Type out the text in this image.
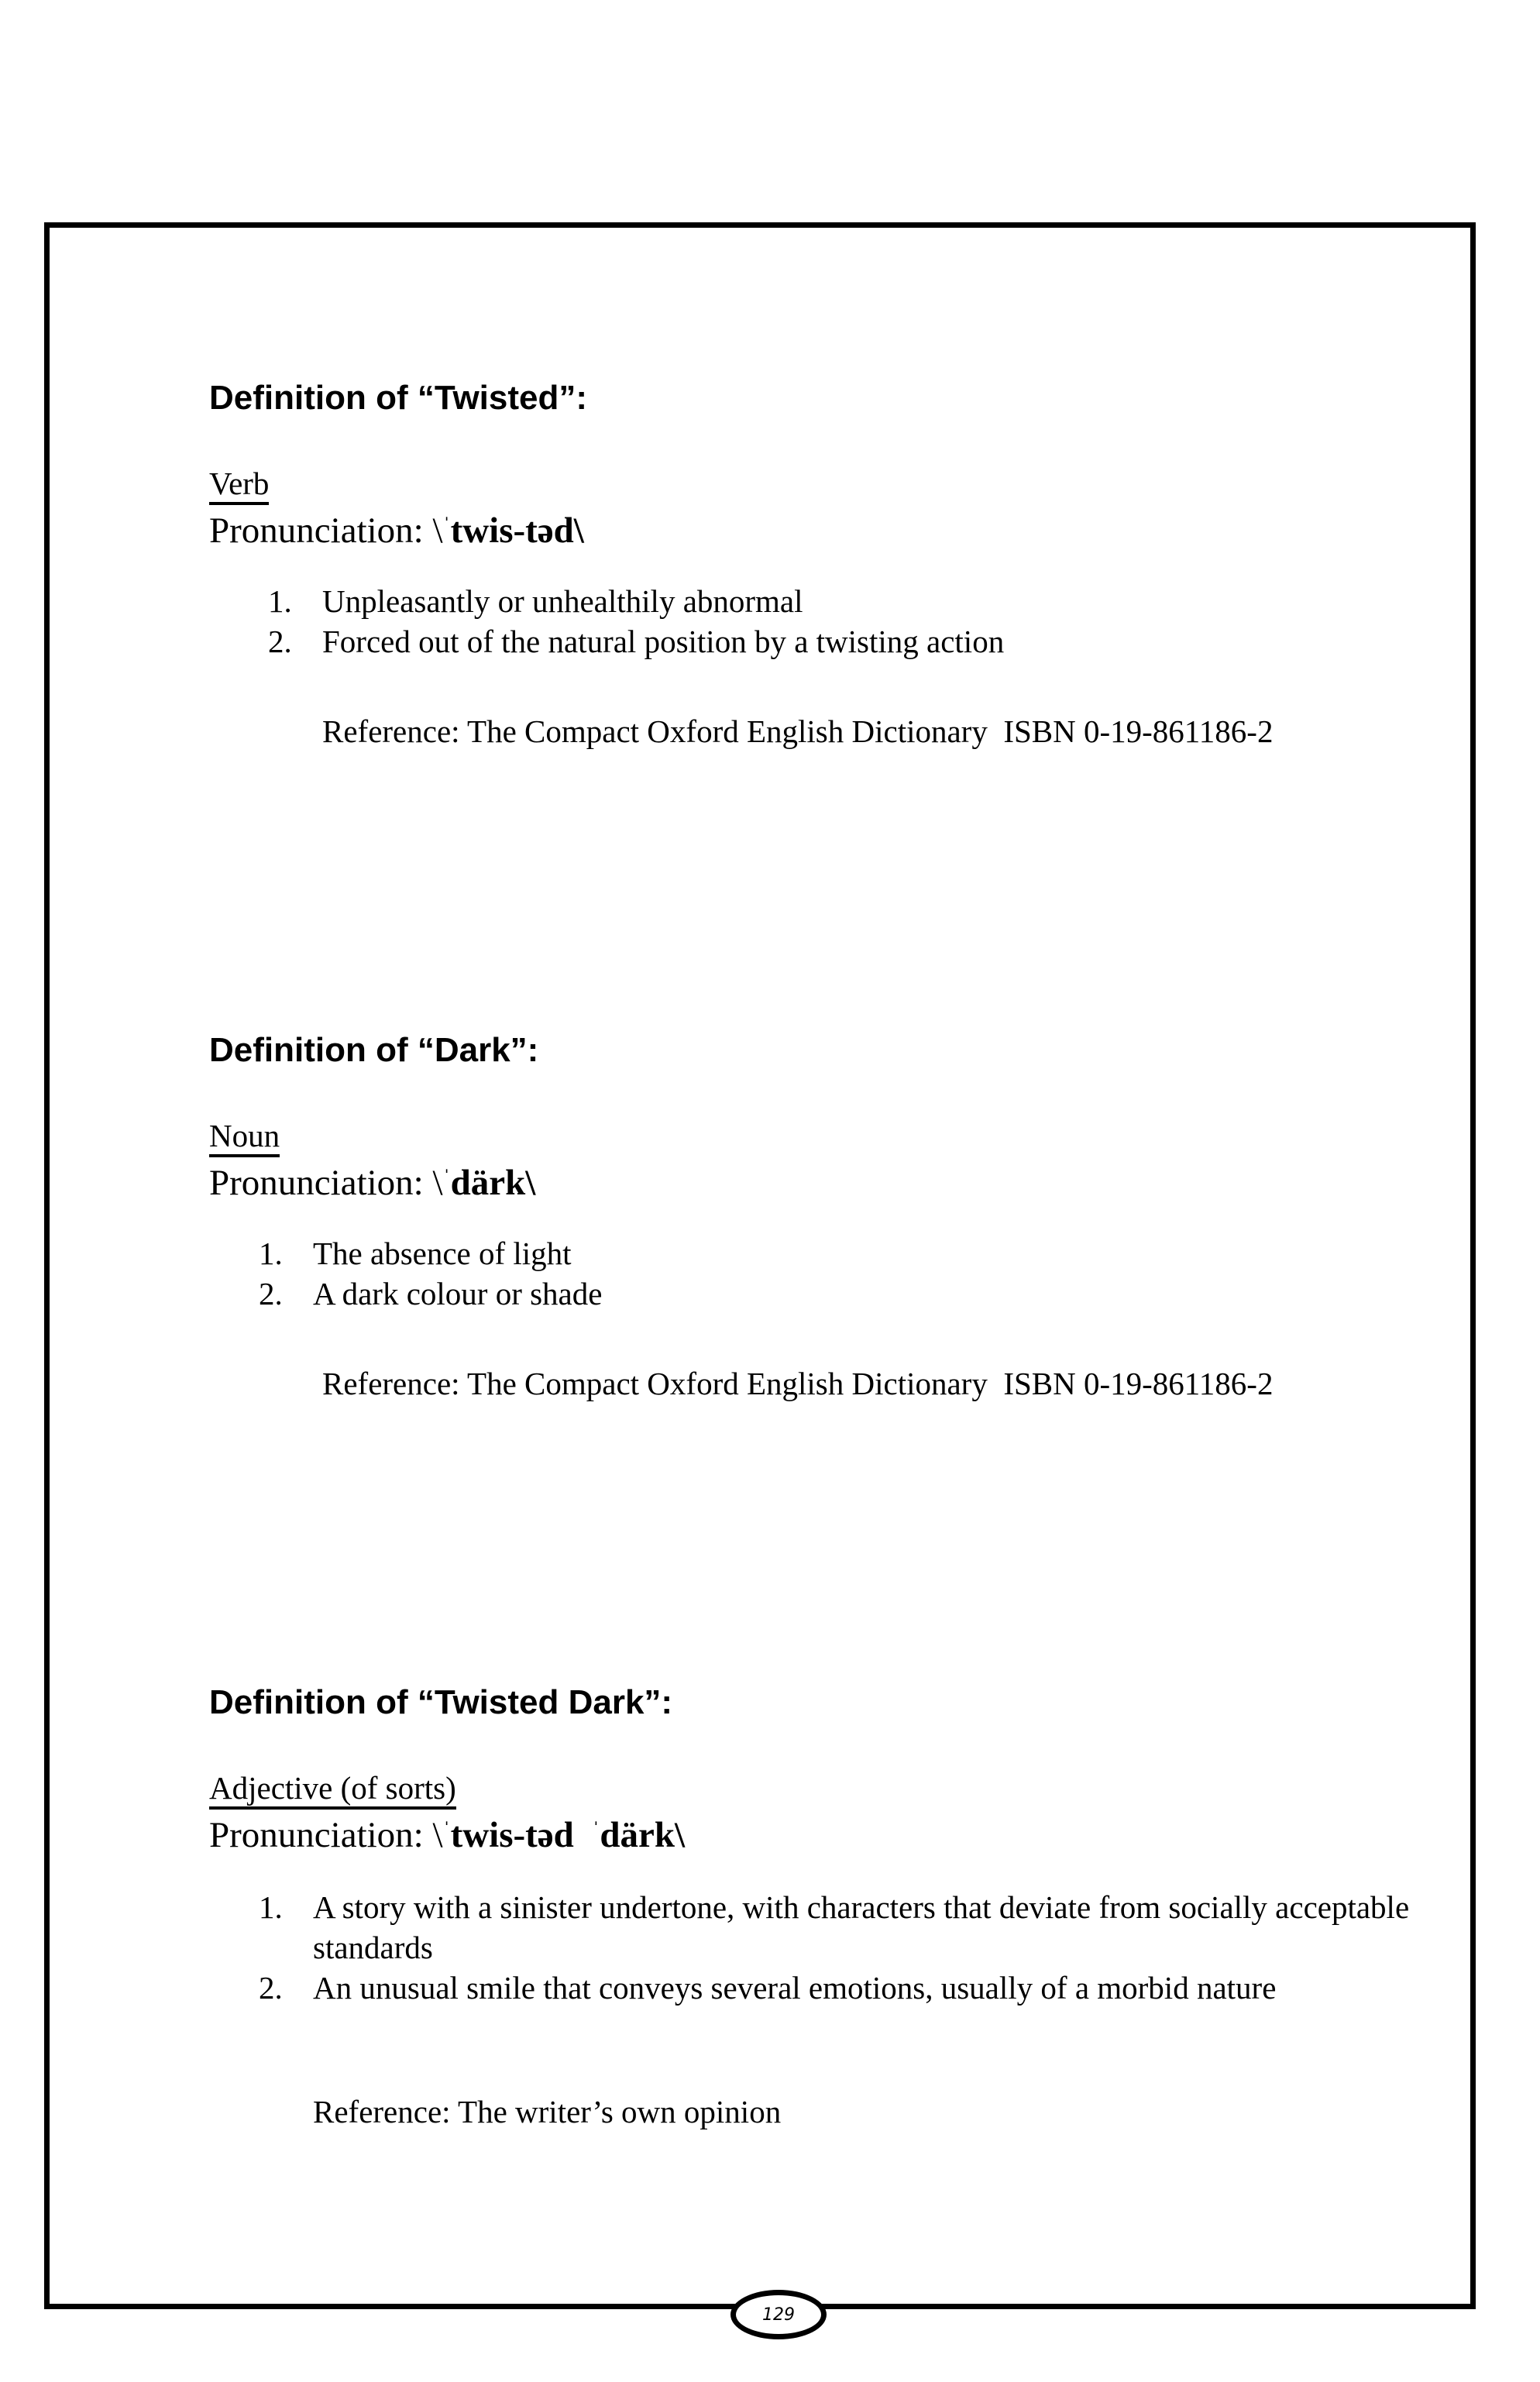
Definition of “Twisted”:
Verb
Pronunciation: \$^ˈ$twis-təd\
1. Unpleasantly or unhealthily abnormal
2. Forced out of the natural position by a twisting action
Reference: The Compact Oxford English Dictionary  ISBN 0-19-861186-2
Definition of “Dark”:
Noun
Pronunciation: \$^ˈ$därk\
1. The absence of light
2. A dark colour or shade
Reference: The Compact Oxford English Dictionary  ISBN 0-19-861186-2
Definition of “Twisted Dark”:
Adjective (of sorts)
Pronunciation: \$^ˈ$twis-təd $^ˈ$därk\
1. A story with a sinister undertone, with characters that deviate from socially acceptable standards
2. An unusual smile that conveys several emotions, usually of a morbid nature
Reference: The writer’s own opinion
129
